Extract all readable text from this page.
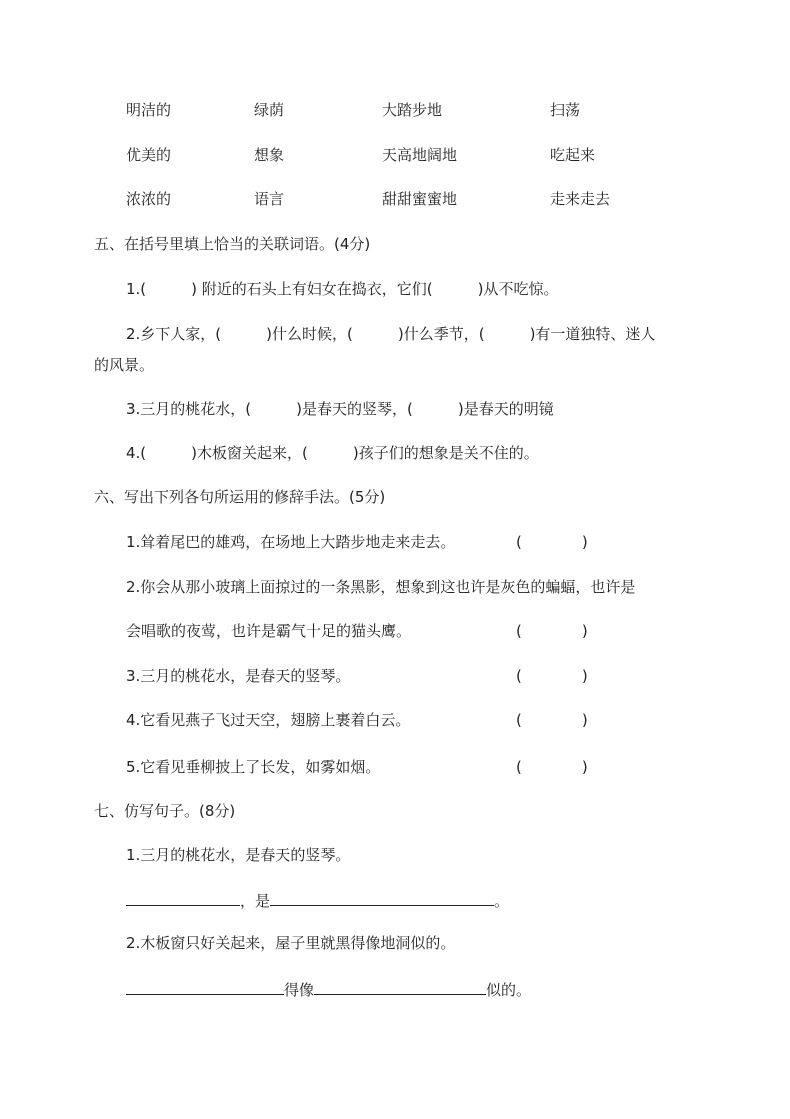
明洁的	绿荫	大踏步地	扫荡
优美的	想象	天高地阔地	吃起来
浓浓的	语言	甜甜蜜蜜地	走来走去
五、在括号里填上恰当的关联词语。(4分)
1.(　　　) 附近的石头上有妇女在捣衣，它们(　　　)从不吃惊。
2.乡下人家，(　　　)什么时候，(　　　)什么季节，(　　　)有一道独特、迷人
的风景。
3.三月的桃花水，(　　　)是春天的竖琴，(　　　)是春天的明镜
4.(　　　)木板窗关起来，(　　　)孩子们的想象是关不住的。
六、写出下列各句所运用的修辞手法。(5分)
1.耸着尾巴的雄鸡，在场地上大踏步地走来走去。	(　　　　)
2.你会从那小玻璃上面掠过的一条黑影，想象到这也许是灰色的蝙蝠，也许是
会唱歌的夜莺，也许是霸气十足的猫头鹰。	(　　　　)
3.三月的桃花水，是春天的竖琴。	(　　　　)
4.它看见燕子飞过天空，翅膀上裹着白云。	(　　　　)
5.它看见垂柳披上了长发，如雾如烟。	(　　　　)
七、仿写句子。(8分)
1.三月的桃花水，是春天的竖琴。
，是	。
2.木板窗只好关起来，屋子里就黑得像地洞似的。
得像	似的。
